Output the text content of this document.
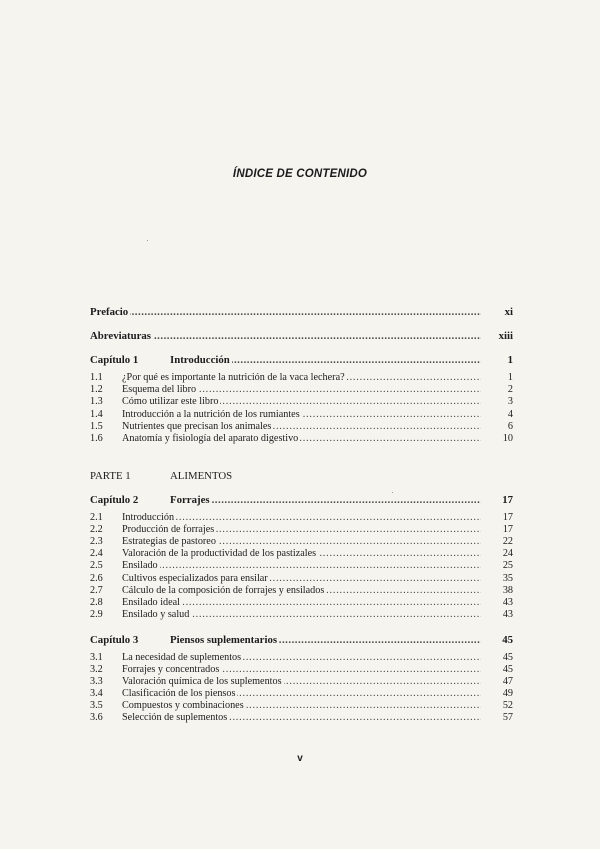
ÍNDICE DE CONTENIDO
Prefacio .....	xi
Abreviaturas .....	xiii
Capítulo 1	Introducción .....	1
1.1	¿Por qué es importante la nutrición de la vaca lechera? .....	1
1.2	Esquema del libro .....	2
1.3	Cómo utilizar este libro .....	3
1.4	Introducción a la nutrición de los rumiantes .....	4
1.5	Nutrientes que precisan los animales .....	6
1.6	Anatomía y fisiología del aparato digestivo .....	10
PARTE 1	ALIMENTOS
Capítulo 2	Forrajes .....	17
2.1	Introducción .....	17
2.2	Producción de forrajes .....	17
2.3	Estrategias de pastoreo .....	22
2.4	Valoración de la productividad de los pastizales .....	24
2.5	Ensilado .....	25
2.6	Cultivos especializados para ensilar .....	35
2.7	Cálculo de la composición de forrajes y ensilados .....	38
2.8	Ensilado ideal .....	43
2.9	Ensilado y salud .....	43
Capítulo 3	Piensos suplementarios .....	45
3.1	La necesidad de suplementos .....	45
3.2	Forrajes y concentrados .....	45
3.3	Valoración química de los suplementos .....	47
3.4	Clasificación de los piensos .....	49
3.5	Compuestos y combinaciones .....	52
3.6	Selección de suplementos .....	57
v
